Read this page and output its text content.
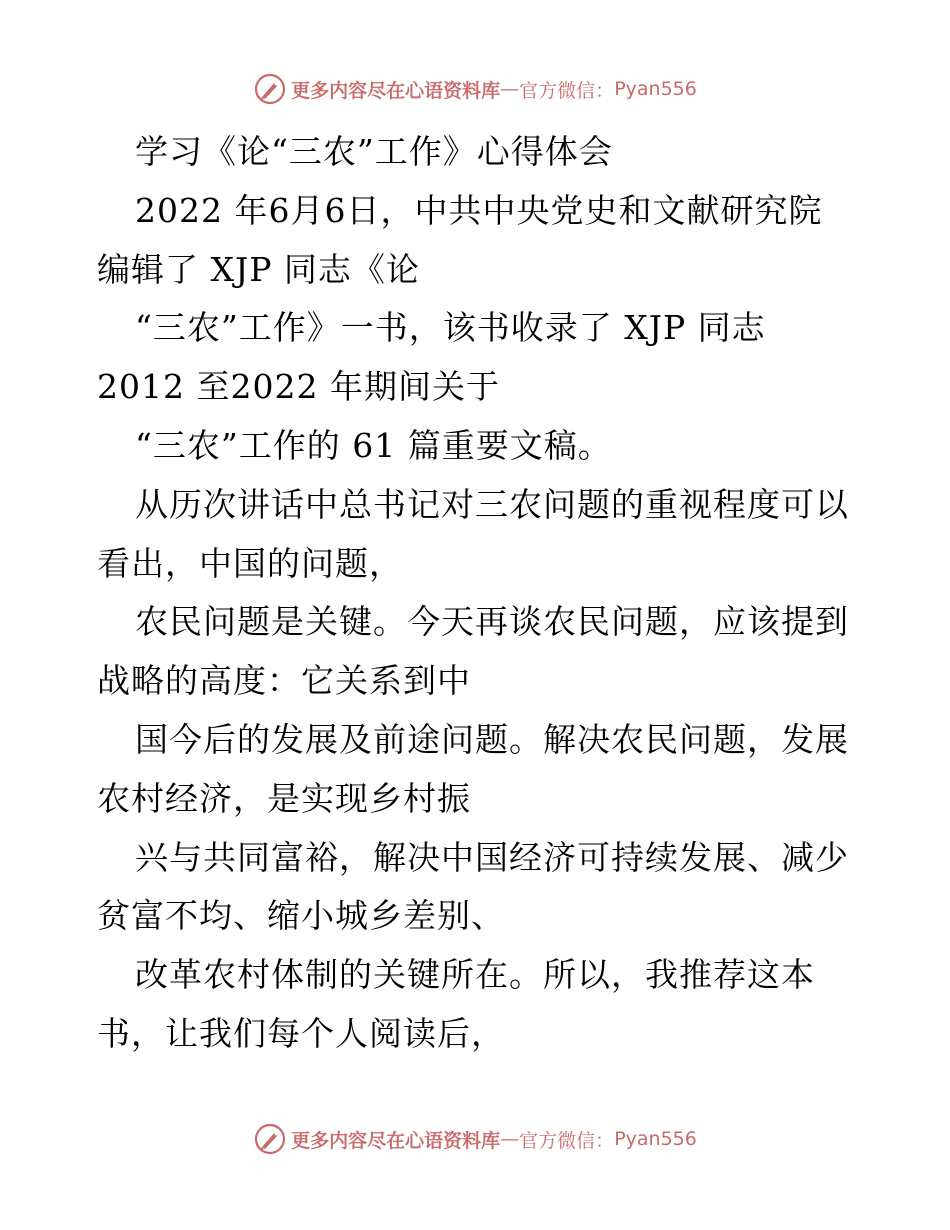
更多内容尽在心语资料库 — 官方微信： Pyan556
学习《论“三农”工作》心得体会
2022 年6月6日，中共中央党史和文献研究院
编辑了 XJP 同志《论
“三农”工作》一书，该书收录了 XJP 同志
2012 至2022 年期间关于
“三农”工作的 61 篇重要文稿。
从历次讲话中总书记对三农问题的重视程度可以
看出，中国的问题，
农民问题是关键。今天再谈农民问题，应该提到
战略的高度：它关系到中
国今后的发展及前途问题。解决农民问题，发展
农村经济，是实现乡村振
兴与共同富裕，解决中国经济可持续发展、减少
贫富不均、缩小城乡差别、
改革农村体制的关键所在。所以，我推荐这本
书，让我们每个人阅读后，
更多内容尽在心语资料库 — 官方微信： Pyan556
